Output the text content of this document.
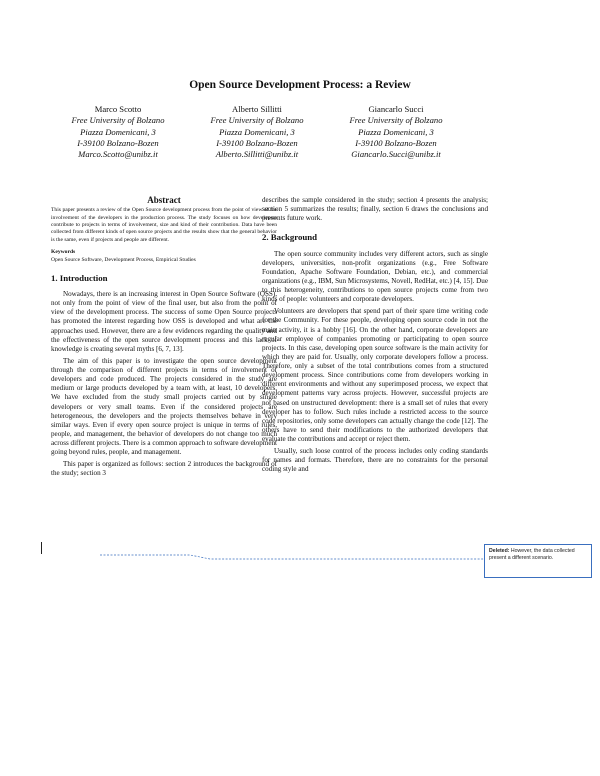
Open Source Development Process: a Review
Marco Scotto
Free University of Bolzano
Piazza Domenicani, 3
I-39100 Bolzano-Bozen
Marco.Scotto@unibz.it
Alberto Sillitti
Free University of Bolzano
Piazza Domenicani, 3
I-39100 Bolzano-Bozen
Alberto.Sillitti@unibz.it
Giancarlo Succi
Free University of Bolzano
Piazza Domenicani, 3
I-39100 Bolzano-Bozen
Giancarlo.Succi@unibz.it
Abstract

This paper presents a review of the Open Source development process from the point of view of the involvement of the developers in the production process. The study focuses on how developers contribute to projects in terms of involvement, size and kind of their contribution. Data have been collected from different kinds of open source projects and the results show that the general behavior is the same, even if projects and people are different.

Keywords

Open Source Software, Development Process, Empirical Studies

1. Introduction

Nowadays, there is an increasing interest in Open Source Software (OSS), not only from the point of view of the final user, but also from the point of view of the development process. The success of some Open Source projects has promoted the interest regarding how OSS is developed and what are the approaches used. However, there are a few evidences regarding the quality and the effectiveness of the open source development process and this lack of knowledge is creating several myths [6, 7, 13].

The aim of this paper is to investigate the open source development through the comparison of different projects in terms of involvement of developers and code produced. The projects considered in the study are medium or large products developed by a team with, at least, 10 developers. We have excluded from the study small projects carried out by single developers or very small teams. Even if the considered projects are heterogeneous, the developers and the projects themselves behave in very similar ways. Even if every open source project is unique in terms of rules, people, and management, the behavior of developers do not change too much across different projects. There is a common approach to software development going beyond rules, people, and management.

This paper is organized as follows: section 2 introduces the background of the study; section 3

describes the sample considered in the study; section 4 presents the analysis; section 5 summarizes the results; finally, section 6 draws the conclusions and presents future work.

2. Background

The open source community includes very different actors, such as single developers, universities, non-profit organizations (e.g., Free Software Foundation, Apache Software Foundation, Debian, etc.), and commercial organizations (e.g., IBM, Sun Microsystems, Novell, RedHat, etc.) [4, 15]. Due to this heterogeneity, contributions to open source projects come from two kinds of people: volunteers and corporate developers.

Volunteers are developers that spend part of their spare time writing code for the Community. For these people, developing open source code in not the main activity, it is a hobby [16]. On the other hand, corporate developers are regular employee of companies promoting or participating to open source projects. In this case, developing open source software is the main activity for which they are paid for. Usually, only corporate developers follow a process. Therefore, only a subset of the total contributions comes from a structured development process. Since contributions come from developers working in different environments and without any superimposed process, we expect that development patterns vary across projects. However, successful projects are not based on unstructured development: there is a small set of rules that every developer has to follow. Such rules include a restricted access to the source code repositories, only some developers can actually change the code [12]. The others have to send their modifications to the authorized developers that evaluate the contributions and accept or reject them.

Usually, such loose control of the process includes only coding standards for names and formats. Therefore, there are no constraints for the personal coding style and

Deleted: However, the data collected present a different scenario.
